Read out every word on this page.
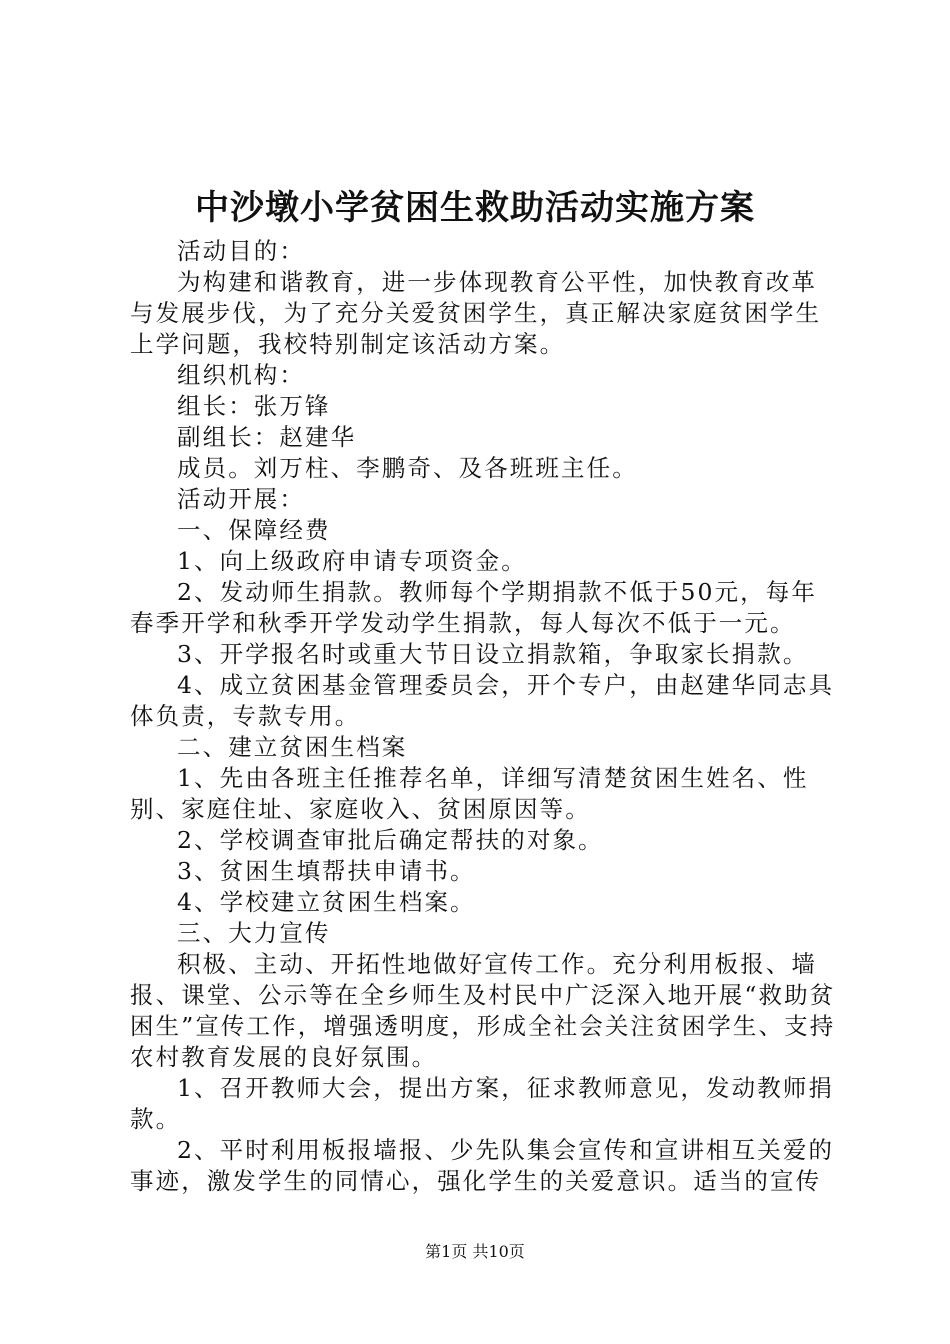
中沙墩小学贫困生救助活动实施方案

活动目的：

为构建和谐教育，进一步体现教育公平性，加快教育改革与发展步伐，为了充分关爱贫困学生，真正解决家庭贫困学生上学问题，我校特别制定该活动方案。

组织机构：

组长：张万锋

副组长：赵建华

成员。刘万柱、李鹏奇、及各班班主任。

活动开展：

一、保障经费

1、向上级政府申请专项资金。

2、发动师生捐款。教师每个学期捐款不低于50元，每年春季开学和秋季开学发动学生捐款，每人每次不低于一元。

3、开学报名时或重大节日设立捐款箱，争取家长捐款。

4、成立贫困基金管理委员会，开个专户，由赵建华同志具体负责，专款专用。

二、建立贫困生档案

1、先由各班主任推荐名单，详细写清楚贫困生姓名、性别、家庭住址、家庭收入、贫困原因等。

2、学校调查审批后确定帮扶的对象。

3、贫困生填帮扶申请书。

4、学校建立贫困生档案。

三、大力宣传

积极、主动、开拓性地做好宣传工作。充分利用板报、墙报、课堂、公示等在全乡师生及村民中广泛深入地开展“救助贫困生”宣传工作，增强透明度，形成全社会关注贫困学生、支持农村教育发展的良好氛围。

1、召开教师大会，提出方案，征求教师意见，发动教师捐款。

2、平时利用板报墙报、少先队集会宣传和宣讲相互关爱的事迹，激发学生的同情心，强化学生的关爱意识。适当的宣传

第1页 共10页
